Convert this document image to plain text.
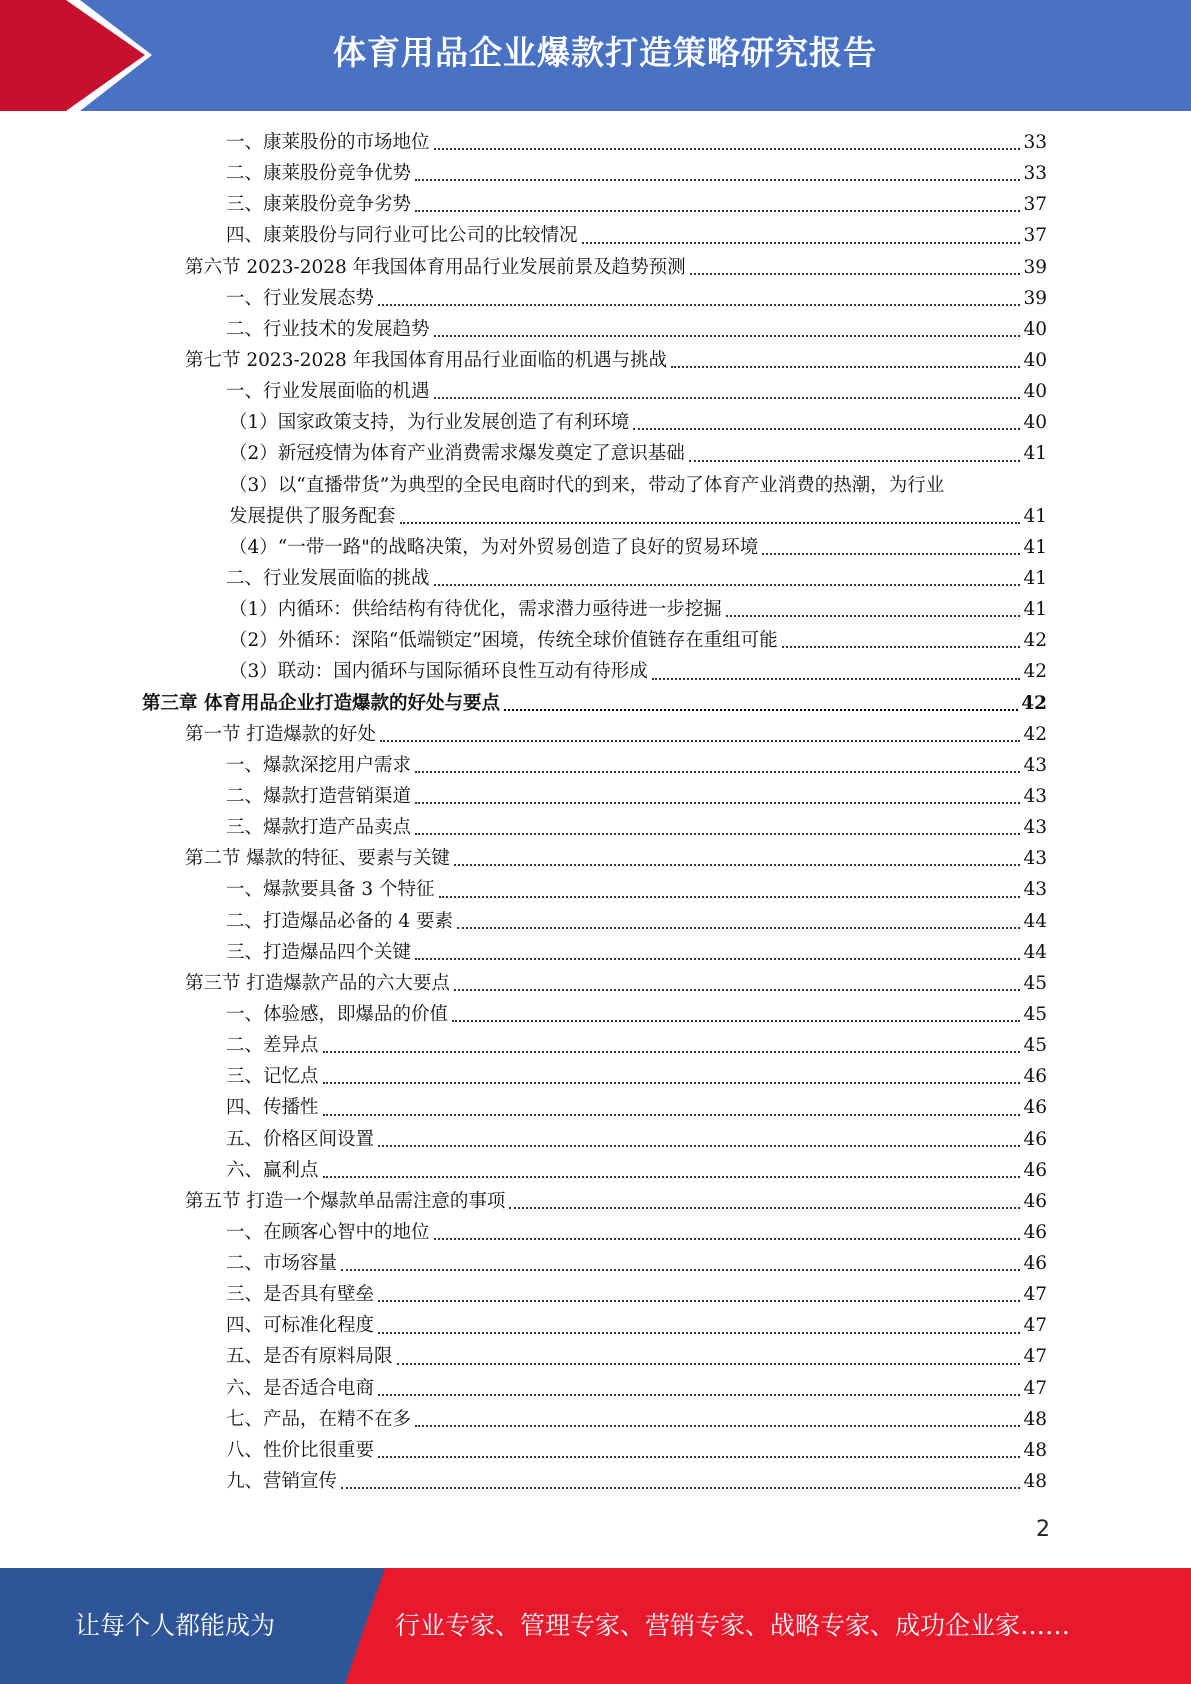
体育用品企业爆款打造策略研究报告
一、康莱股份的市场地位	33
二、康莱股份竞争优势	33
三、康莱股份竞争劣势	37
四、康莱股份与同行业可比公司的比较情况	37
第六节 2023-2028 年我国体育用品行业发展前景及趋势预测	39
一、行业发展态势	39
二、行业技术的发展趋势	40
第七节 2023-2028 年我国体育用品行业面临的机遇与挑战	40
一、行业发展面临的机遇	40
（1）国家政策支持，为行业发展创造了有利环境	40
（2）新冠疫情为体育产业消费需求爆发奠定了意识基础	41
（3）以“直播带货”为典型的全民电商时代的到来，带动了体育产业消费的热潮，为行业
发展提供了服务配套	41
（4）“一带一路"的战略决策，为对外贸易创造了良好的贸易环境	41
二、行业发展面临的挑战	41
（1）内循环：供给结构有待优化，需求潜力亟待进一步挖掘	41
（2）外循环：深陷“低端锁定”困境，传统全球价值链存在重组可能	42
（3）联动：国内循环与国际循环良性互动有待形成	42
第三章 体育用品企业打造爆款的好处与要点	42
第一节 打造爆款的好处	42
一、爆款深挖用户需求	43
二、爆款打造营销渠道	43
三、爆款打造产品卖点	43
第二节 爆款的特征、要素与关键	43
一、爆款要具备 3 个特征	43
二、打造爆品必备的 4 要素	44
三、打造爆品四个关键	44
第三节 打造爆款产品的六大要点	45
一、体验感，即爆品的价值	45
二、差异点	45
三、记忆点	46
四、传播性	46
五、价格区间设置	46
六、赢利点	46
第五节 打造一个爆款单品需注意的事项	46
一、在顾客心智中的地位	46
二、市场容量	46
三、是否具有壁垒	47
四、可标准化程度	47
五、是否有原料局限	47
六、是否适合电商	47
七、产品，在精不在多	48
八、性价比很重要	48
九、营销宣传	48
2
让每个人都能成为	行业专家、管理专家、营销专家、战略专家、成功企业家……
